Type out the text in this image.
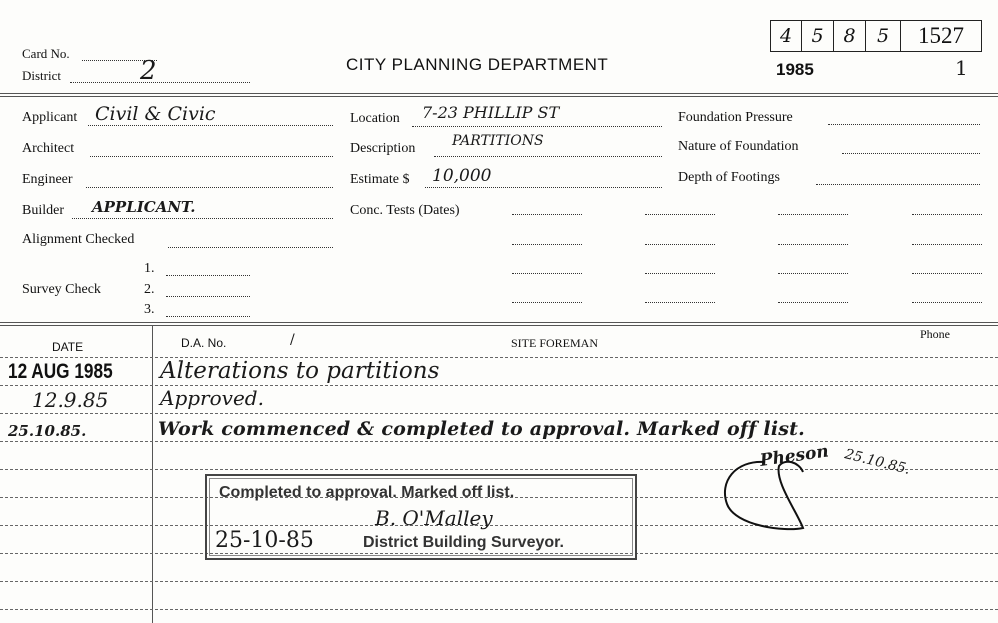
Card No.
District	2	CITY PLANNING DEPARTMENT
4	5	8	5	1527
1985	1
Applicant Civil & Civic
Architect
Engineer
Builder APPLICANT.
Alignment Checked
1.
Survey Check	2.
3.
Location 7-23 PHILLIP ST
Description	PARTITIONS
Estimate $ 10,000
Conc. Tests (Dates)
Foundation Pressure
Nature of Foundation
Depth of Footings
DATE	D.A. No.	/	SITE FOREMAN
Phone
12 AUG 1985 Alterations to partitions
12.9.85	Approved.
25.10.85.	Work commenced & completed to approval. Marked off list.
Pheson 25.10.85.
Completed to approval. Marked off list.
B. O'Malley
25-10-85	District Building Surveyor.
